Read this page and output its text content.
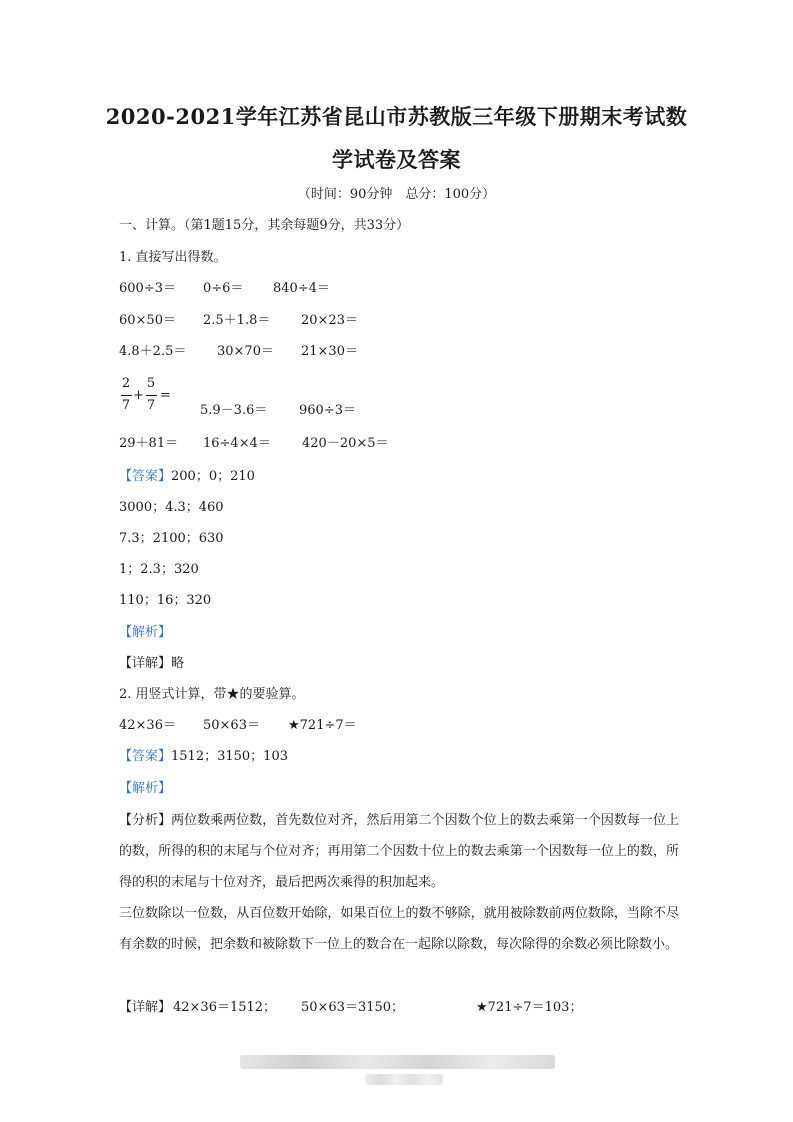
2020-2021学年江苏省昆山市苏教版三年级下册期末考试数
学试卷及答案
（时间：90分钟　总分：100分）
一、计算。（第1题15分，其余每题9分，共33分）
1. 直接写出得数。
600÷3＝ 0÷6＝ 840÷4＝
60×50＝ 2.5＋1.8＝ 20×23＝
4.8＋2.5＝ 30×70＝ 21×30＝
2
7
+
5
7
=
5.9－3.6＝ 960÷3＝
29＋81＝ 16÷4×4＝ 420－20×5＝
【答案】200；0；210
3000；4.3；460
7.3；2100；630
1；2.3；320
110；16；320
【解析】
【详解】略
2. 用竖式计算，带★的要验算。
42×36＝ 50×63＝ ★721÷7＝
【答案】1512；3150；103
【解析】
【分析】两位数乘两位数，首先数位对齐，然后用第二个因数个位上的数去乘第一个因数每一位上的数，所得的积的末尾与个位对齐；再用第二个因数十位上的数去乘第一个因数每一位上的数，所得的积的末尾与十位对齐，最后把两次乘得的积加起来。
三位数除以一位数，从百位数开始除，如果百位上的数不够除，就用被除数前两位数除，当除不尽有余数的时候，把余数和被除数下一位上的数合在一起除以除数，每次除得的余数必须比除数小。
【详解】 42×36＝1512； 50×63＝3150；	★721÷7＝103；
